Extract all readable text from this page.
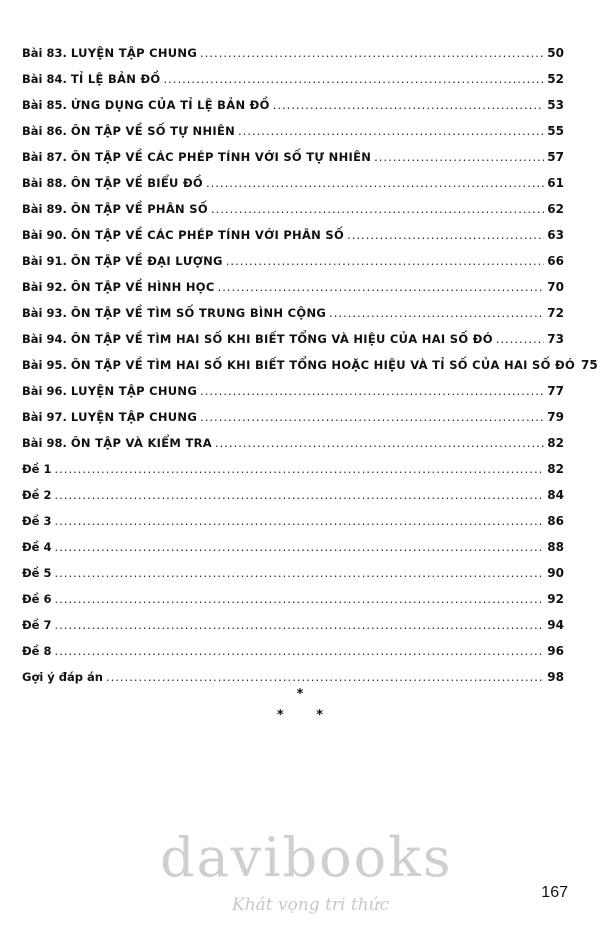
Bài 83. LUYỆN TẬP CHUNG .....	50
Bài 84. TỈ LỆ BẢN ĐỒ .....	52
Bài 85. ỨNG DỤNG CỦA TỈ LỆ BẢN ĐỒ .....	53
Bài 86. ÔN TẬP VỀ SỐ TỰ NHIÊN .....	55
Bài 87. ÔN TẬP VỀ CÁC PHÉP TÍNH VỚI SỐ TỰ NHIÊN .....	57
Bài 88. ÔN TẬP VỀ BIỂU ĐỒ .....	61
Bài 89. ÔN TẬP VỀ PHÂN SỐ .....	62
Bài 90. ÔN TẬP VỀ CÁC PHÉP TÍNH VỚI PHÂN SỐ .....	63
Bài 91. ÔN TẬP VỀ ĐẠI LƯỢNG .....	66
Bài 92. ÔN TẬP VỀ HÌNH HỌC .....	70
Bài 93. ÔN TẬP VỀ TÌM SỐ TRUNG BÌNH CỘNG .....	72
Bài 94. ÔN TẬP VỀ TÌM HAI SỐ KHI BIẾT TỔNG VÀ HIỆU CỦA HAI SỐ ĐÓ .....	73
Bài 95. ÔN TẬP VỀ TÌM HAI SỐ KHI BIẾT TỔNG HOẶC HIỆU VÀ TỈ SỐ CỦA HAI SỐ ĐÓ 75
Bài 96. LUYỆN TẬP CHUNG .....	77
Bài 97. LUYỆN TẬP CHUNG .....	79
Bài 98. ÔN TẬP VÀ KIỂM TRA .....	82
Đề 1 .....	82
Đề 2 .....	84
Đề 3 .....	86
Đề 4 .....	88
Đề 5 .....	90
Đề 6 .....	92
Đề 7 .....	94
Đề 8 .....	96
Gợi ý đáp án .....	98
*
*	*
davibooks
Khát vọng tri thức
167
